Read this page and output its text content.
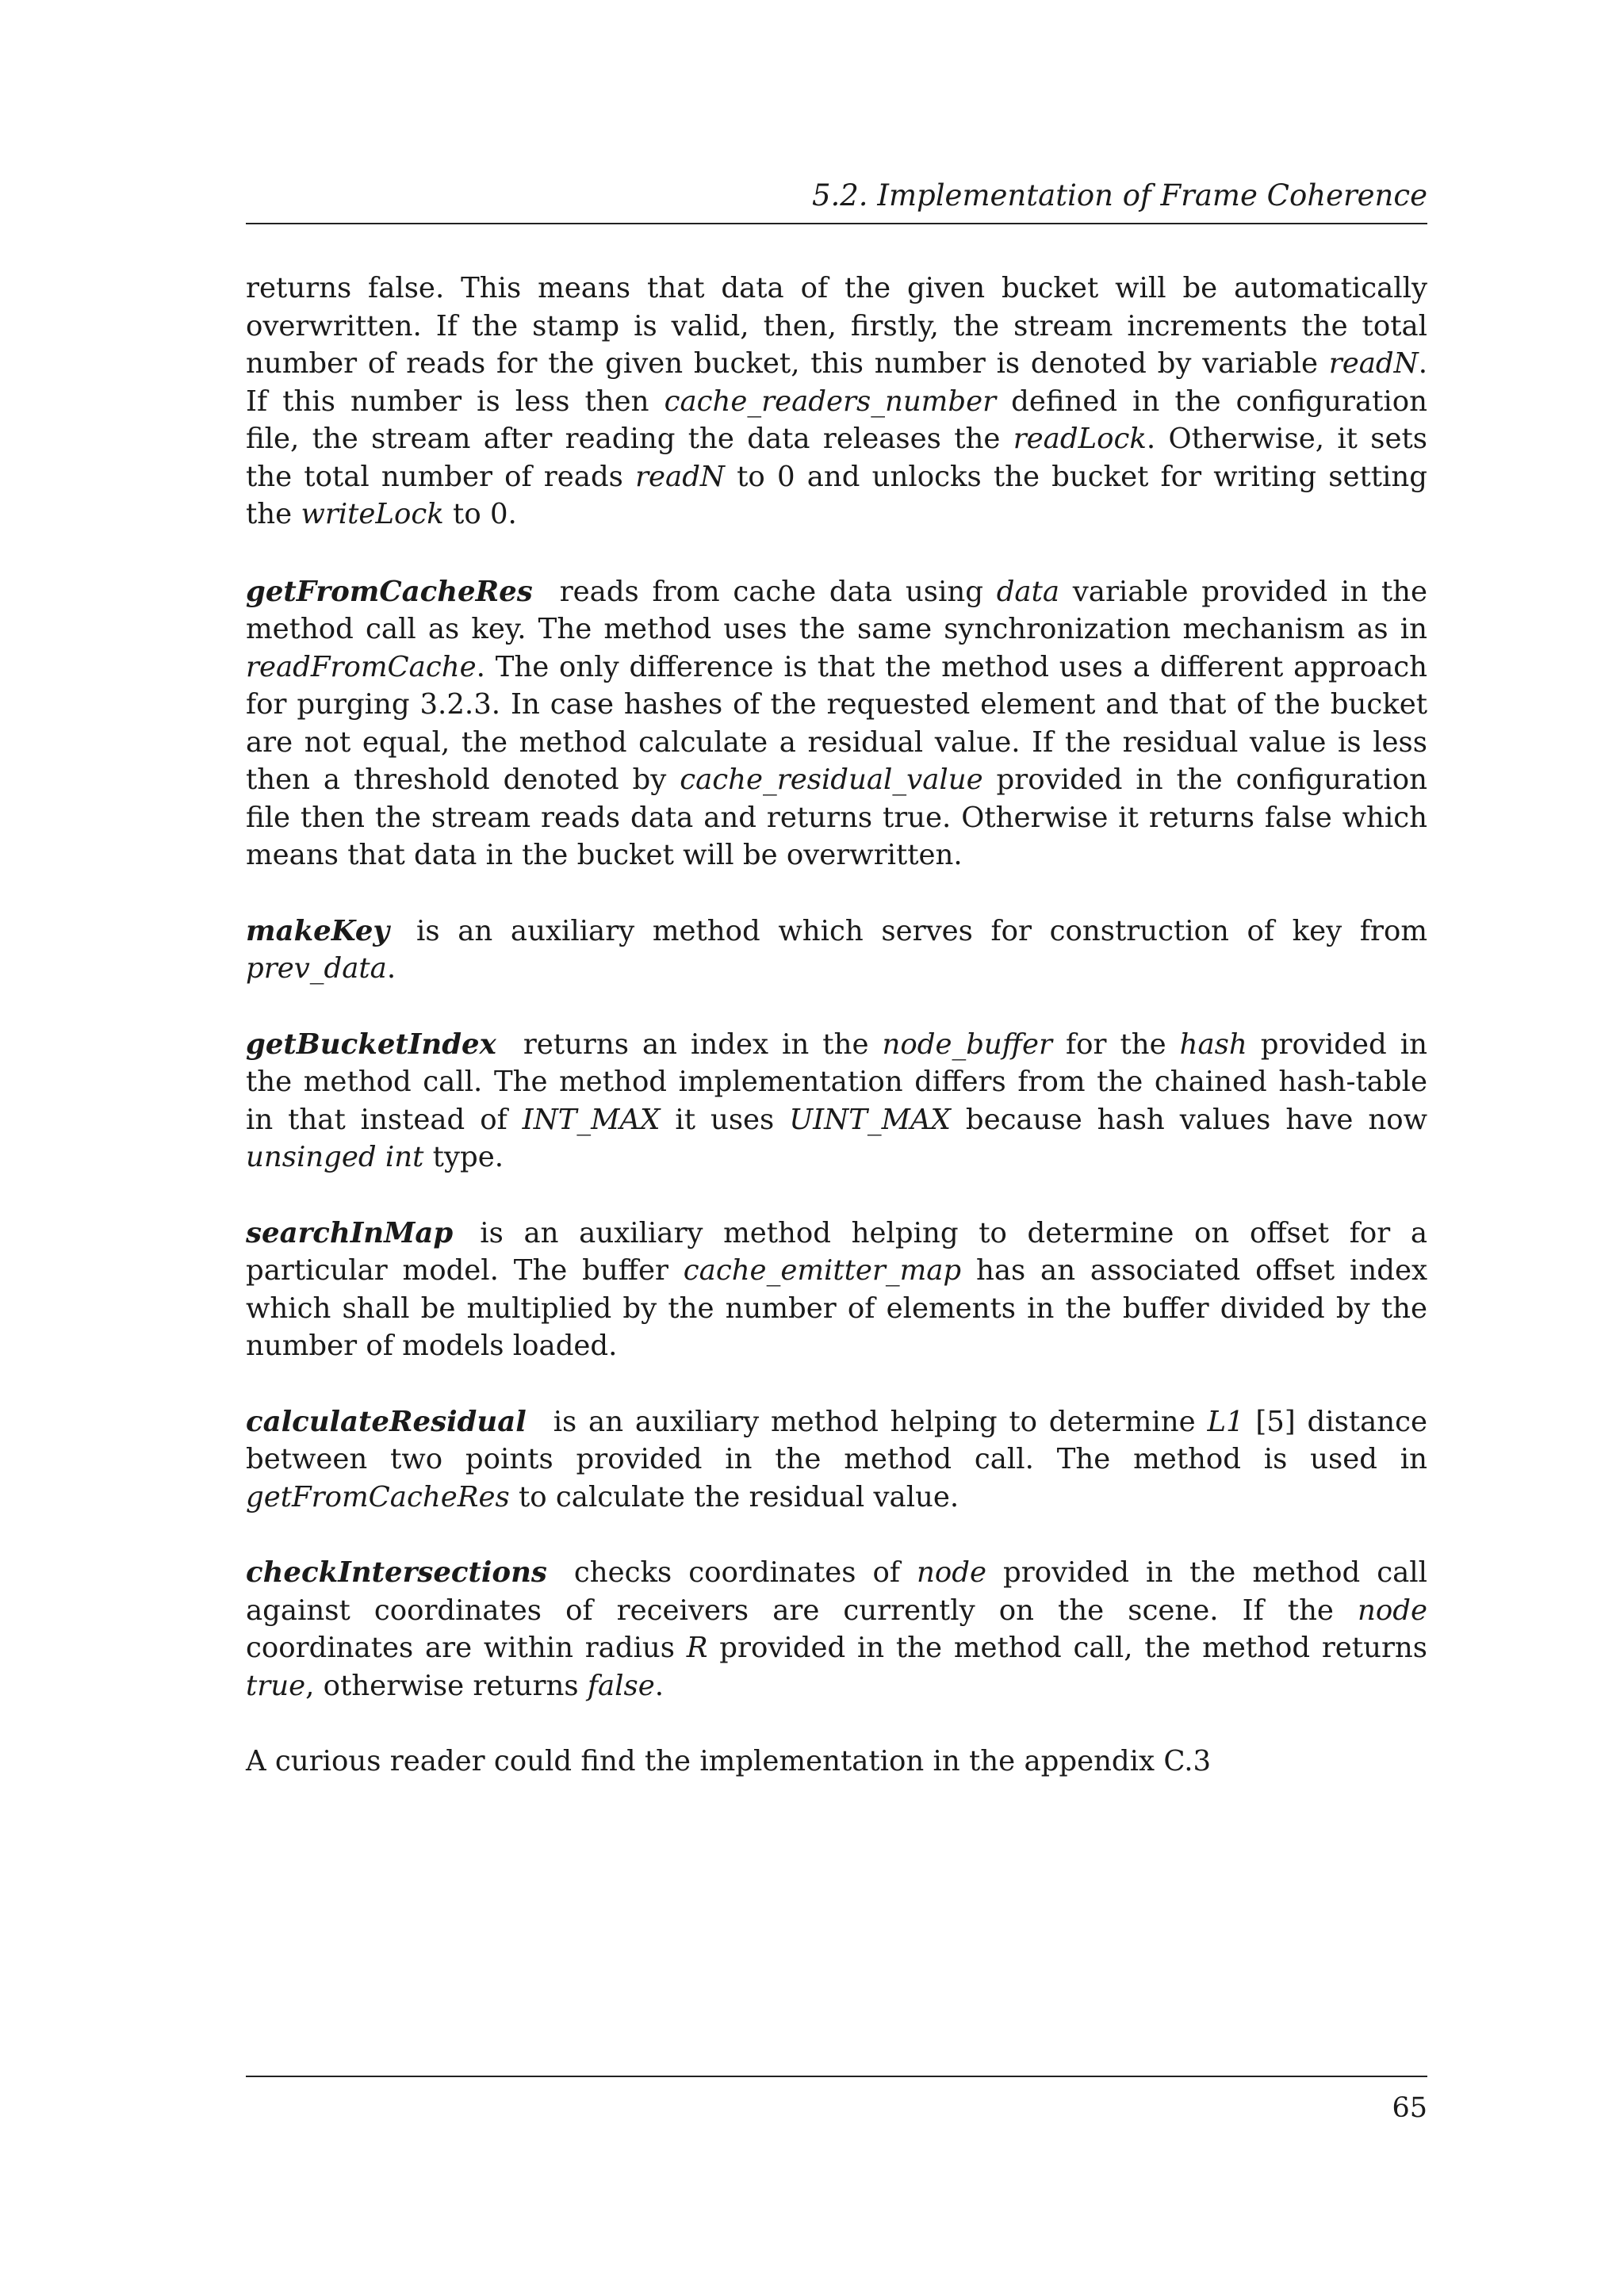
5.2. Implementation of Frame Coherence

returns false. This means that data of the given bucket will be automatically overwritten. If the stamp is valid, then, firstly, the stream increments the total number of reads for the given bucket, this number is denoted by variable readN. If this number is less then cache_readers_number defined in the configuration file, the stream after reading the data releases the readLock. Otherwise, it sets the total number of reads readN to 0 and unlocks the bucket for writing setting the writeLock to 0.

getFromCacheRes reads from cache data using data variable provided in the method call as key. The method uses the same synchronization mechanism as in readFromCache. The only difference is that the method uses a different approach for purging 3.2.3. In case hashes of the requested element and that of the bucket are not equal, the method calculate a residual value. If the residual value is less then a threshold denoted by cache_residual_value provided in the configuration file then the stream reads data and returns true. Otherwise it returns false which means that data in the bucket will be overwritten.

makeKey is an auxiliary method which serves for construction of key from prev_data.

getBucketIndex returns an index in the node_buffer for the hash provided in the method call. The method implementation differs from the chained hash-table in that instead of INT_MAX it uses UINT_MAX because hash values have now unsinged int type.

searchInMap is an auxiliary method helping to determine on offset for a particular model. The buffer cache_emitter_map has an associated offset index which shall be multiplied by the number of elements in the buffer divided by the number of models loaded.

calculateResidual is an auxiliary method helping to determine L1 [5] distance between two points provided in the method call. The method is used in getFromCacheRes to calculate the residual value.

checkIntersections checks coordinates of node provided in the method call against coordinates of receivers are currently on the scene. If the node coordinates are within radius R provided in the method call, the method returns true, otherwise returns false.

A curious reader could find the implementation in the appendix C.3

65
